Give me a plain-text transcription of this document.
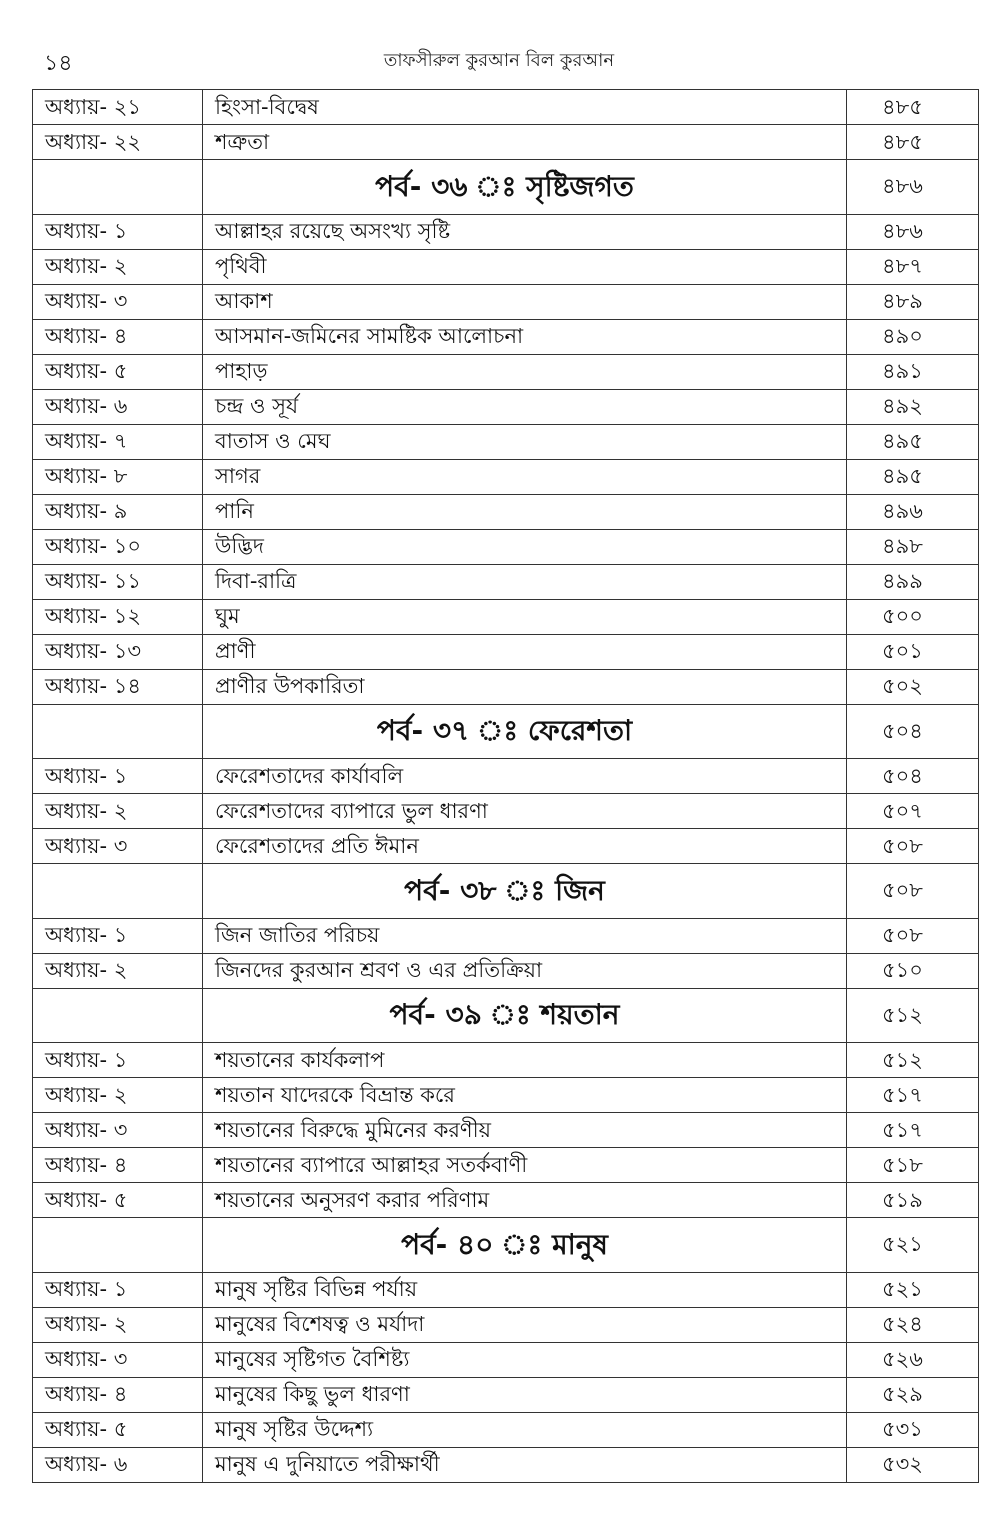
১৪	তাফসীরুল কুরআন বিল কুরআন
অধ্যায়- ২১	হিংসা-বিদ্বেষ	৪৮৫
অধ্যায়- ২২	শত্রুতা	৪৮৫
	পর্ব- ৩৬ ঃ সৃষ্টিজগত	৪৮৬
অধ্যায়- ১	আল্লাহর রয়েছে অসংখ্য সৃষ্টি	৪৮৬
অধ্যায়- ২	পৃথিবী	৪৮৭
অধ্যায়- ৩	আকাশ	৪৮৯
অধ্যায়- ৪	আসমান-জমিনের সামষ্টিক আলোচনা	৪৯০
অধ্যায়- ৫	পাহাড়	৪৯১
অধ্যায়- ৬	চন্দ্র ও সূর্য	৪৯২
অধ্যায়- ৭	বাতাস ও মেঘ	৪৯৫
অধ্যায়- ৮	সাগর	৪৯৫
অধ্যায়- ৯	পানি	৪৯৬
অধ্যায়- ১০	উদ্ভিদ	৪৯৮
অধ্যায়- ১১	দিবা-রাত্রি	৪৯৯
অধ্যায়- ১২	ঘুম	৫০০
অধ্যায়- ১৩	প্রাণী	৫০১
অধ্যায়- ১৪	প্রাণীর উপকারিতা	৫০২
	পর্ব- ৩৭ ঃ ফেরেশতা	৫০৪
অধ্যায়- ১	ফেরেশতাদের কার্যাবলি	৫০৪
অধ্যায়- ২	ফেরেশতাদের ব্যাপারে ভুল ধারণা	৫০৭
অধ্যায়- ৩	ফেরেশতাদের প্রতি ঈমান	৫০৮
	পর্ব- ৩৮ ঃ জিন	৫০৮
অধ্যায়- ১	জিন জাতির পরিচয়	৫০৮
অধ্যায়- ২	জিনদের কুরআন শ্রবণ ও এর প্রতিক্রিয়া	৫১০
	পর্ব- ৩৯ ঃ শয়তান	৫১২
অধ্যায়- ১	শয়তানের কার্যকলাপ	৫১২
অধ্যায়- ২	শয়তান যাদেরকে বিভ্রান্ত করে	৫১৭
অধ্যায়- ৩	শয়তানের বিরুদ্ধে মুমিনের করণীয়	৫১৭
অধ্যায়- ৪	শয়তানের ব্যাপারে আল্লাহর সতর্কবাণী	৫১৮
অধ্যায়- ৫	শয়তানের অনুসরণ করার পরিণাম	৫১৯
	পর্ব- ৪০ ঃ মানুষ	৫২১
অধ্যায়- ১	মানুষ সৃষ্টির বিভিন্ন পর্যায়	৫২১
অধ্যায়- ২	মানুষের বিশেষত্ব ও মর্যাদা	৫২৪
অধ্যায়- ৩	মানুষের সৃষ্টিগত বৈশিষ্ট্য	৫২৬
অধ্যায়- ৪	মানুষের কিছু ভুল ধারণা	৫২৯
অধ্যায়- ৫	মানুষ সৃষ্টির উদ্দেশ্য	৫৩১
অধ্যায়- ৬	মানুষ এ দুনিয়াতে পরীক্ষার্থী	৫৩২
